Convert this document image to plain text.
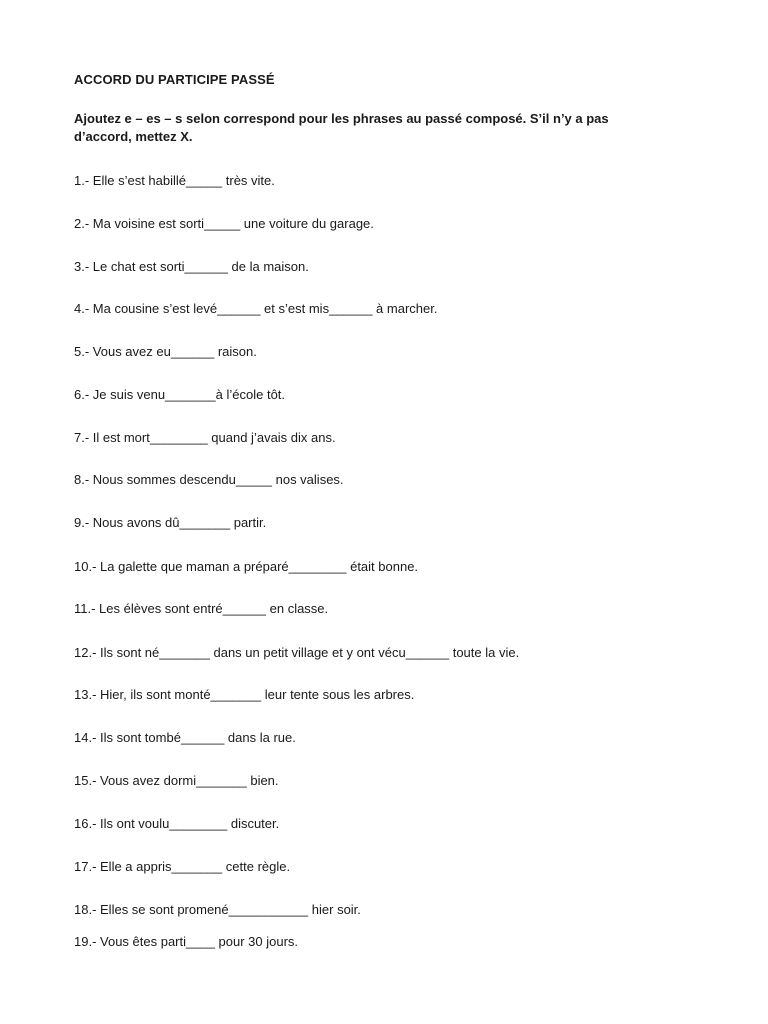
ACCORD DU PARTICIPE PASSÉ
Ajoutez e – es – s selon correspond pour les phrases au passé composé. S’il n’y a pas
d’accord, mettez X.
1.- Elle s’est habillé_____ très vite.
2.- Ma voisine est sorti_____ une voiture du garage.
3.- Le chat est sorti______ de la maison.
4.- Ma cousine s’est levé______ et s’est mis______ à marcher.
5.- Vous avez eu______ raison.
6.- Je suis venu_______à l’école tôt.
7.- Il est mort________ quand j’avais dix ans.
8.- Nous sommes descendu_____ nos valises.
9.- Nous avons dû_______ partir.
10.- La galette que maman a préparé________ était bonne.
11.- Les élèves sont entré______ en classe.
12.- Ils sont né_______ dans un petit village et y ont vécu______ toute la vie.
13.- Hier, ils sont monté_______ leur tente sous les arbres.
14.- Ils sont tombé______ dans la rue.
15.- Vous avez dormi_______ bien.
16.- Ils ont voulu________ discuter.
17.- Elle a appris_______ cette règle.
18.- Elles se sont promené___________ hier soir.
19.- Vous êtes parti____ pour 30 jours.
